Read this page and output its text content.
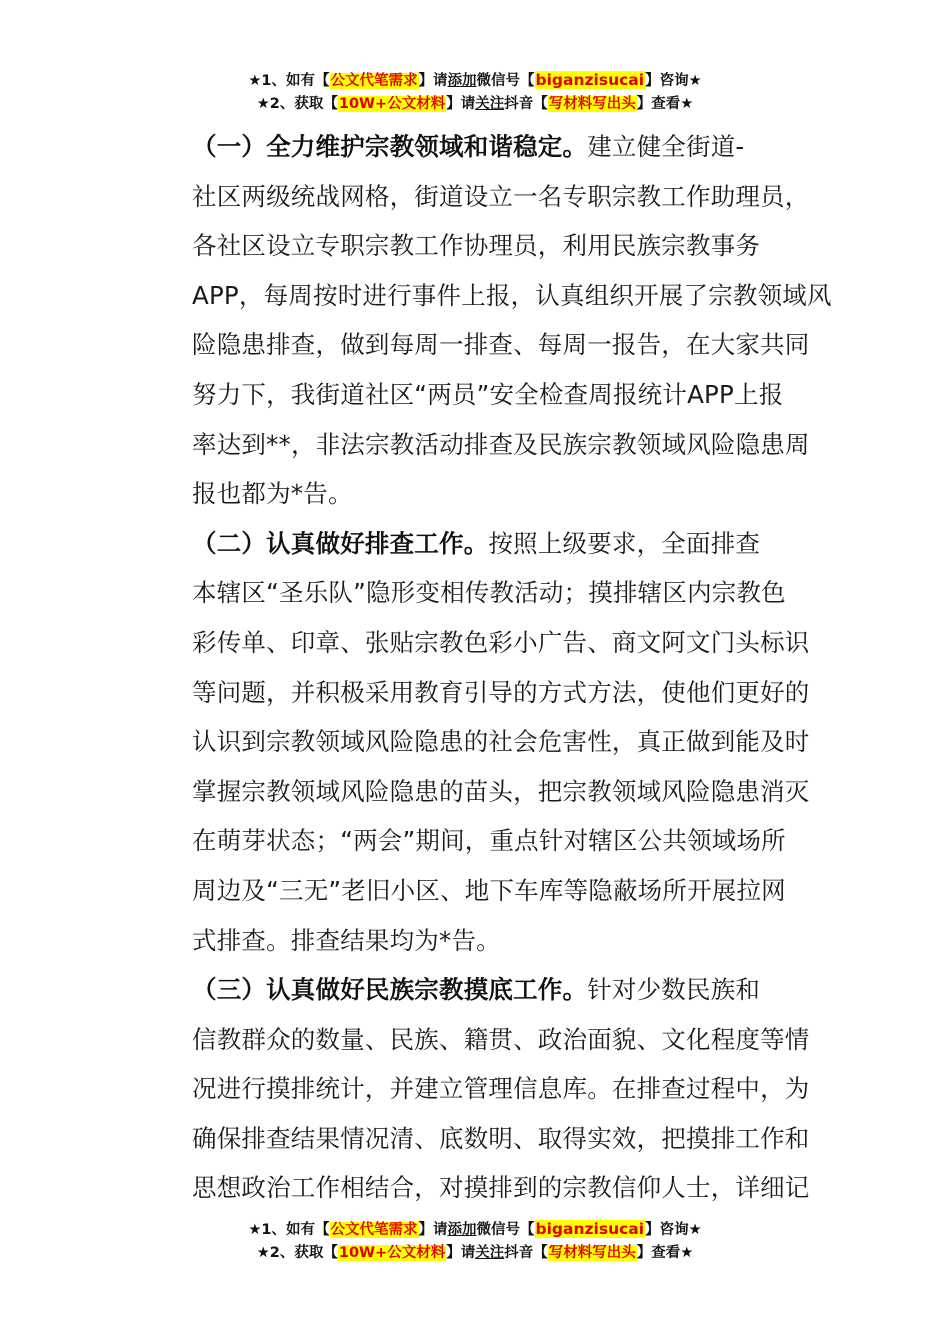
★1、如有【公文代笔需求】请添加微信号【biganzisucai】咨询★
★2、获取【10W+公文材料】请关注抖音【写材料写出头】查看★

（一）全力维护宗教领域和谐稳定。建立健全街道-
社区两级统战网格，街道设立一名专职宗教工作助理员，
各社区设立专职宗教工作协理员，利用民族宗教事务
APP，每周按时进行事件上报，认真组织开展了宗教领域风
险隐患排查，做到每周一排查、每周一报告，在大家共同
努力下，我街道社区“两员”安全检查周报统计APP上报
率达到**，非法宗教活动排查及民族宗教领域风险隐患周
报也都为*告。

（二）认真做好排查工作。按照上级要求，全面排查
本辖区“圣乐队”隐形变相传教活动；摸排辖区内宗教色
彩传单、印章、张贴宗教色彩小广告、商文阿文门头标识
等问题，并积极采用教育引导的方式方法，使他们更好的
认识到宗教领域风险隐患的社会危害性，真正做到能及时
掌握宗教领域风险隐患的苗头，把宗教领域风险隐患消灭
在萌芽状态；“两会”期间，重点针对辖区公共领域场所
周边及“三无”老旧小区、地下车库等隐蔽场所开展拉网
式排查。排查结果均为*告。

（三）认真做好民族宗教摸底工作。针对少数民族和
信教群众的数量、民族、籍贯、政治面貌、文化程度等情
况进行摸排统计，并建立管理信息库。在排查过程中，为
确保排查结果情况清、底数明、取得实效，把摸排工作和
思想政治工作相结合，对摸排到的宗教信仰人士，详细记

★1、如有【公文代笔需求】请添加微信号【biganzisucai】咨询★
★2、获取【10W+公文材料】请关注抖音【写材料写出头】查看★
